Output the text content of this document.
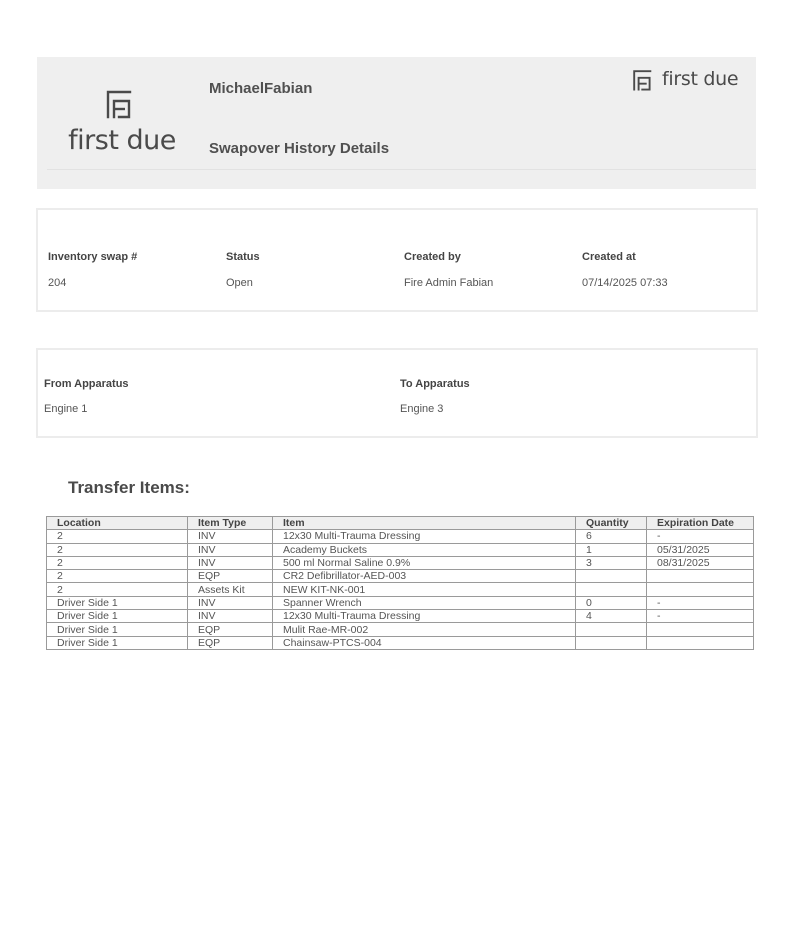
first due
MichaelFabian
Swapover History Details
first due
Inventory swap #
204
Status
Open
Created by
Fire Admin Fabian
Created at
07/14/2025 07:33
From Apparatus
Engine 1
To Apparatus
Engine 3
Transfer Items:
Location	Item Type	Item	Quantity	Expiration Date
2	INV	12x30 Multi-Trauma Dressing	6	-
2	INV	Academy Buckets	1	05/31/2025
2	INV	500 ml Normal Saline 0.9%	3	08/31/2025
2	EQP	CR2 Defibrillator-AED-003		
2	Assets Kit	NEW KIT-NK-001		
Driver Side 1	INV	Spanner Wrench	0	-
Driver Side 1	INV	12x30 Multi-Trauma Dressing	4	-
Driver Side 1	EQP	Mulit Rae-MR-002		
Driver Side 1	EQP	Chainsaw-PTCS-004		
